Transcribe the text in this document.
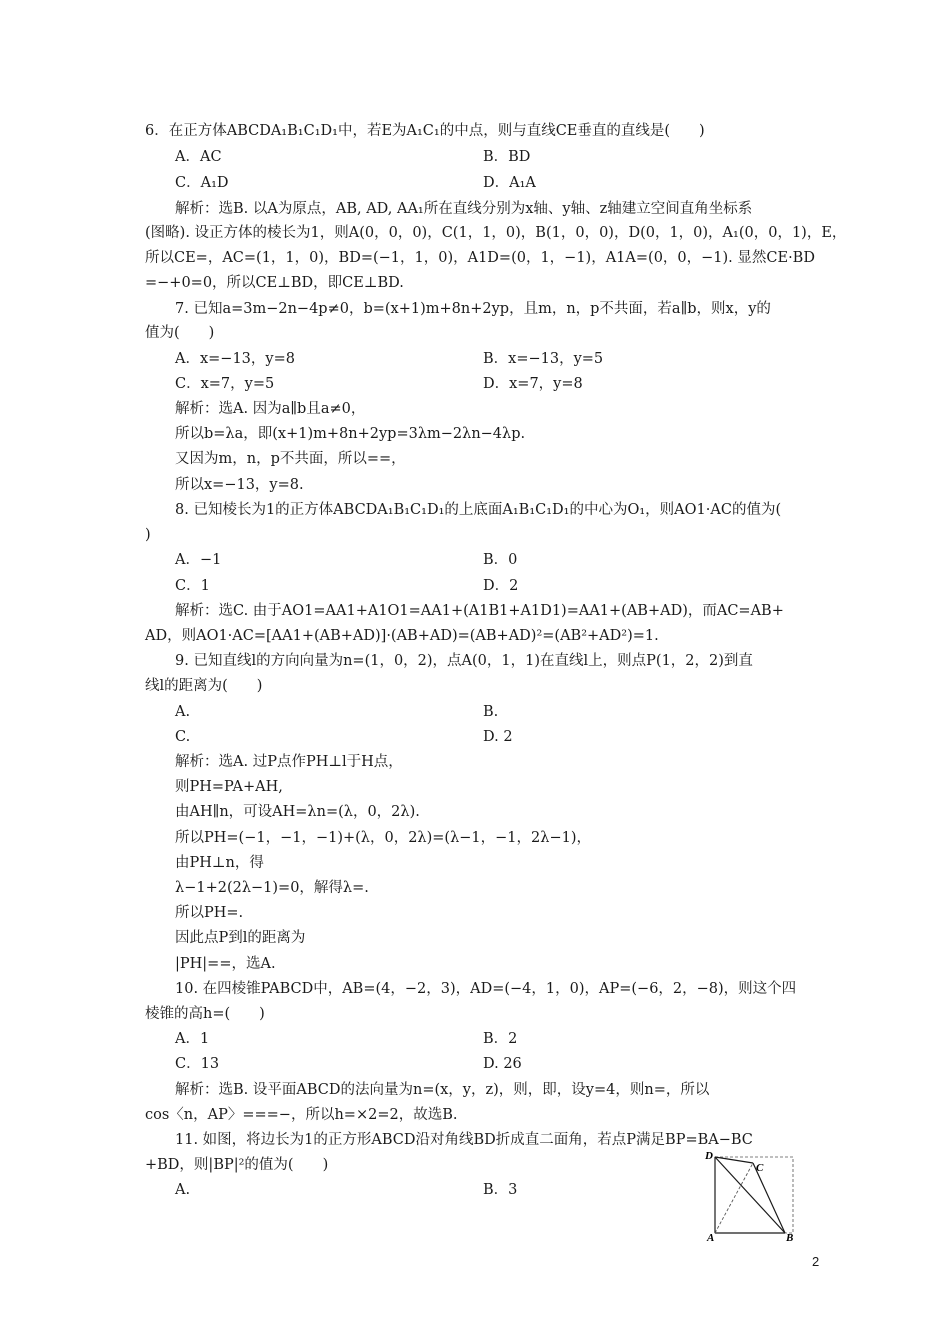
6．在正方体ABCDA₁B₁C₁D₁中，若E为A₁C₁的中点，则与直线CE垂直的直线是(　　)
A．AC	B．BD
C．A₁D	D．A₁A
解析：选B. 以A为原点，AB, AD, AA₁所在直线分别为x轴、y轴、z轴建立空间直角坐标系
(图略). 设正方体的棱长为1，则A(0，0，0)，C(1，1，0)，B(1，0，0)，D(0，1，0)，A₁(0，0，1)，E，
所以CE=，AC=(1，1，0)，BD=(−1，1，0)，A1D=(0，1，−1)，A1A=(0，0，−1). 显然CE·BD
=−+0=0，所以CE⊥BD，即CE⊥BD.
7. 已知a=3m−2n−4p≠0，b=(x+1)m+8n+2yp，且m，n，p不共面，若a∥b，则x，y的
值为(　　)
A．x=−13，y=8	B．x=−13，y=5
C．x=7，y=5	D．x=7，y=8
解析：选A. 因为a∥b且a≠0，
所以b=λa，即(x+1)m+8n+2yp=3λm−2λn−4λp.
又因为m，n，p不共面，所以==，
所以x=−13，y=8.
8. 已知棱长为1的正方体ABCDA₁B₁C₁D₁的上底面A₁B₁C₁D₁的中心为O₁，则AO1·AC的值为(
)
A．−1	B．0
C．1	D．2
解析：选C. 由于AO1=AA1+A1O1=AA1+(A1B1+A1D1)=AA1+(AB+AD)，而AC=AB+
AD，则AO1·AC=[AA1+(AB+AD)]·(AB+AD)=(AB+AD)²=(AB²+AD²)=1.
9. 已知直线l的方向向量为n=(1，0，2)，点A(0，1，1)在直线l上，则点P(1，2，2)到直
线l的距离为(　　)
A.	B.
C.	D. 2
解析：选A. 过P点作PH⊥l于H点，
则PH=PA+AH,
由AH∥n，可设AH=λn=(λ，0，2λ).
所以PH=(−1，−1，−1)+(λ，0，2λ)=(λ−1，−1，2λ−1)，
由PH⊥n，得
λ−1+2(2λ−1)=0，解得λ=.
所以PH=.
因此点P到l的距离为
|PH|==，选A.
10. 在四棱锥PABCD中，AB=(4，−2，3)，AD=(−4，1，0)，AP=(−6，2，−8)，则这个四
棱锥的高h=(　　)
A．1	B．2
C．13	D. 26
解析：选B. 设平面ABCD的法向量为n=(x，y，z)，则，即，设y=4，则n=，所以
cos〈n，AP〉===−，所以h=×2=2，故选B.
11. 如图，将边长为1的正方形ABCD沿对角线BD折成直二面角，若点P满足BP=BA−BC
+BD，则|BP|²的值为(　　)
A.	B．3
D
C
A	B
2
